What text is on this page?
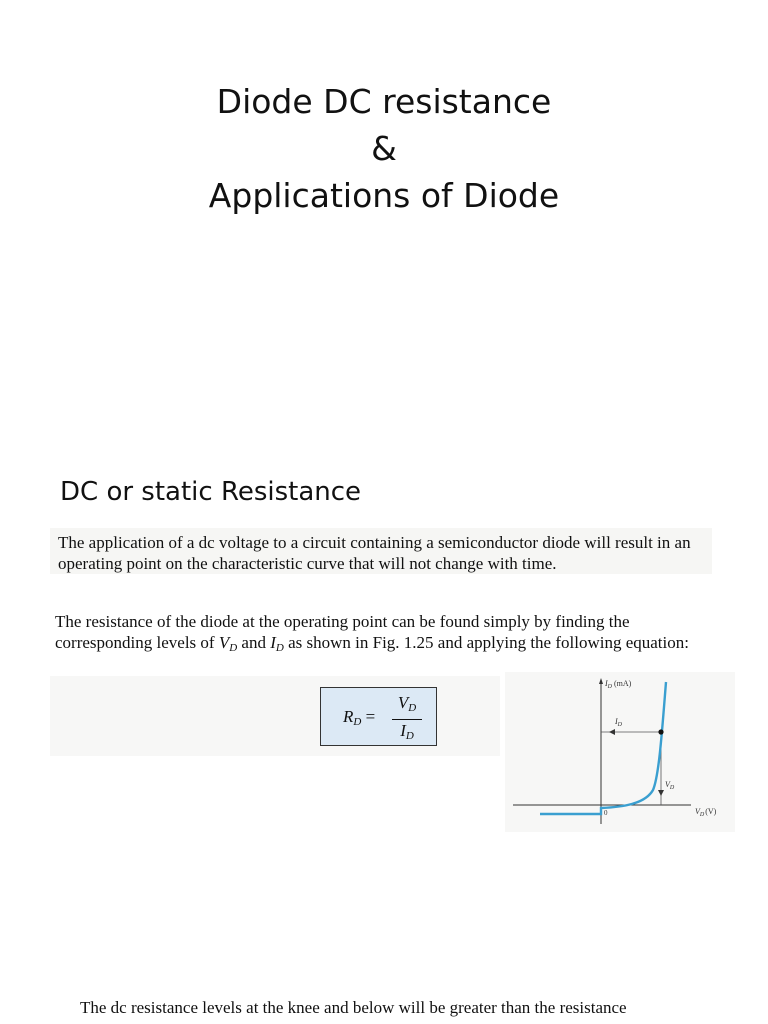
Diode DC resistance
&
Applications of Diode
DC or static Resistance
The application of a dc voltage to a circuit containing a semiconductor diode will result in an operating point on the characteristic curve that will not change with time.
The resistance of the diode at the operating point can be found simply by finding the corresponding levels of $V_D$ and $I_D$ as shown in Fig. 1.25 and applying the following equation:
$R_D$ =
$V_D$
$I_D$
$I_D$ (mA)
$I_D$
$V_D$
0	$V_D(V)$
The dc resistance levels at the knee and below will be greater than the resistance
